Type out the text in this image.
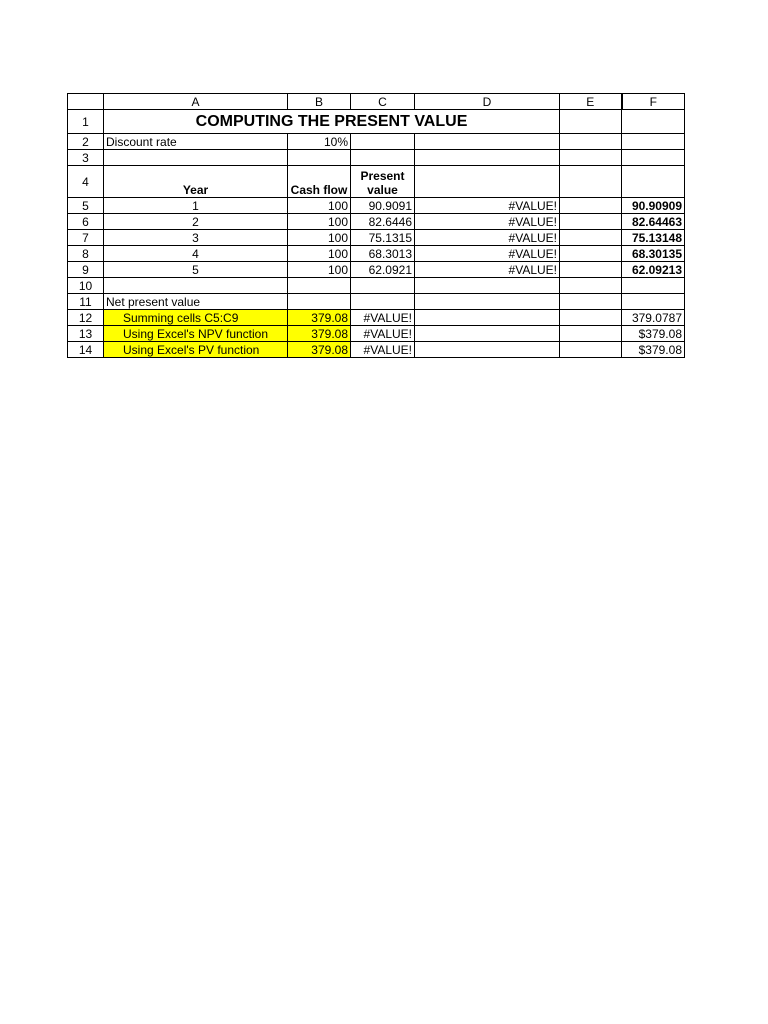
	A	B	C	D	E	F
1	COMPUTING THE PRESENT VALUE					
2	Discount rate	10%				
3						
4	Year	Cash flow	Present
value			

5	1	100	90.9091	#VALUE!		90.90909
6	2	100	82.6446	#VALUE!		82.64463
7	3	100	75.1315	#VALUE!		75.13148
8	4	100	68.3013	#VALUE!		68.30135
9	5	100	62.0921	#VALUE!		62.09213
10						
11	Net present value					
12	Summing cells C5:C9	379.08	#VALUE!			379.0787
13	Using Excel's NPV function	379.08	#VALUE!			$379.08
14	Using Excel's PV function	379.08	#VALUE!			$379.08
